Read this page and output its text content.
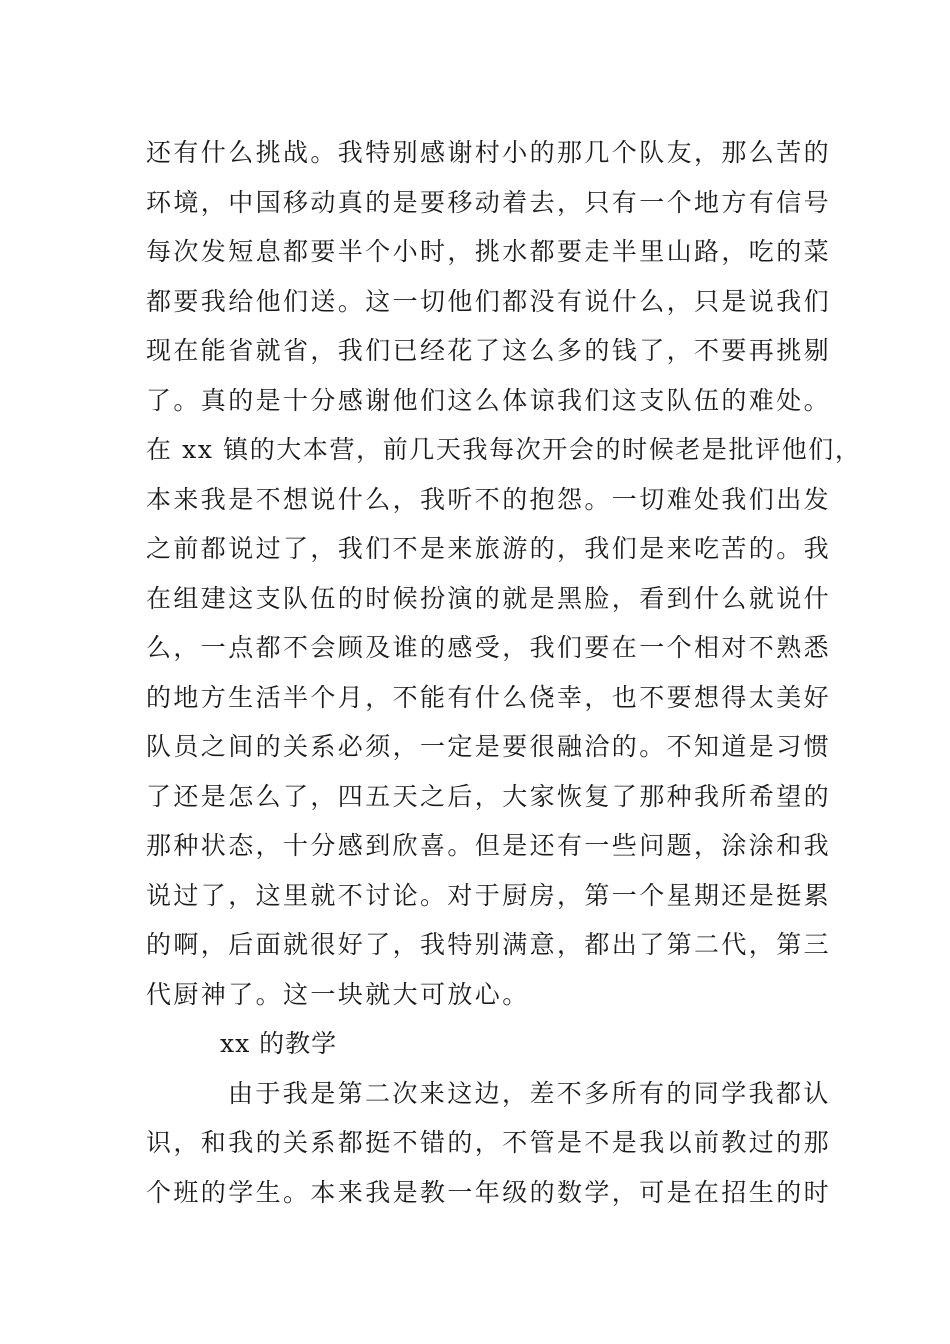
还有什么挑战。我特别感谢村小的那几个队友，那么苦的
环境，中国移动真的是要移动着去，只有一个地方有信号
每次发短息都要半个小时，挑水都要走半里山路，吃的菜
都要我给他们送。这一切他们都没有说什么，只是说我们
现在能省就省，我们已经花了这么多的钱了，不要再挑剔
了。真的是十分感谢他们这么体谅我们这支队伍的难处。
在 xx 镇的大本营，前几天我每次开会的时候老是批评他们，
本来我是不想说什么，我听不的抱怨。一切难处我们出发
之前都说过了，我们不是来旅游的，我们是来吃苦的。我
在组建这支队伍的时候扮演的就是黑脸，看到什么就说什
么，一点都不会顾及谁的感受，我们要在一个相对不熟悉
的地方生活半个月，不能有什么侥幸，也不要想得太美好
队员之间的关系必须，一定是要很融洽的。不知道是习惯
了还是怎么了，四五天之后，大家恢复了那种我所希望的
那种状态，十分感到欣喜。但是还有一些问题，涂涂和我
说过了，这里就不讨论。对于厨房，第一个星期还是挺累
的啊，后面就很好了，我特别满意，都出了第二代，第三
代厨神了。这一块就大可放心。
xx 的教学
由于我是第二次来这边，差不多所有的同学我都认
识，和我的关系都挺不错的，不管是不是我以前教过的那
个班的学生。本来我是教一年级的数学，可是在招生的时
